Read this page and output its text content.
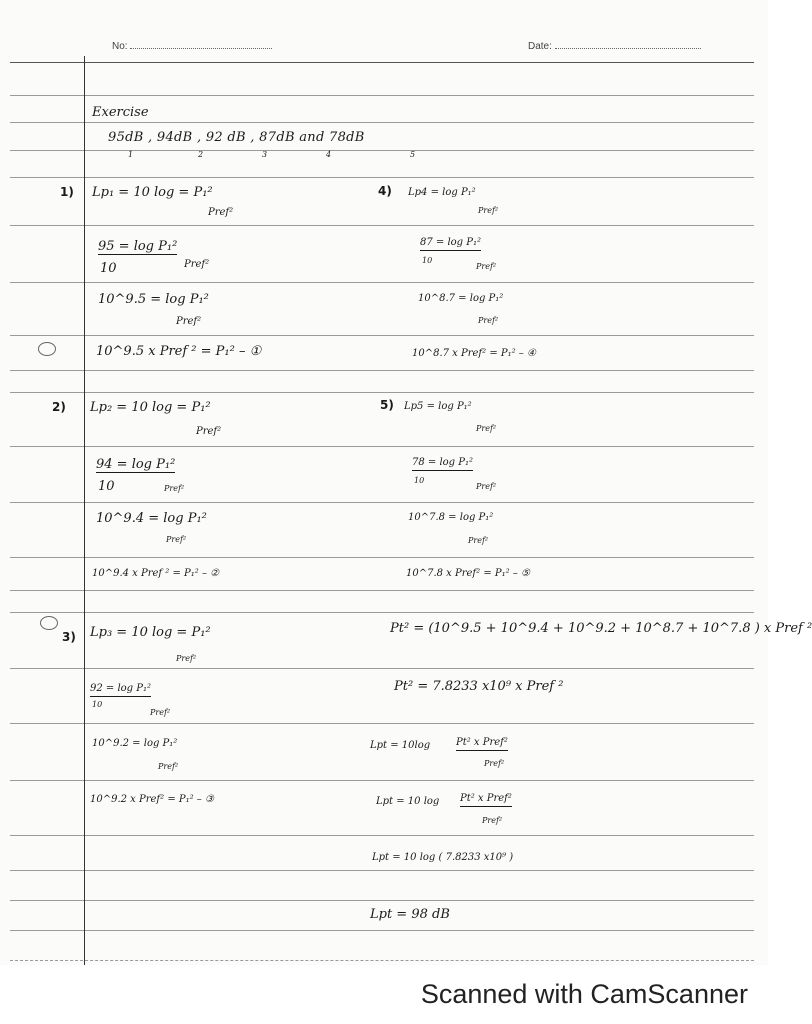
No:	Date:
Exercise
95dB , 94dB , 92 dB , 87dB and 78dB
1	2	3	4	5
1) Lp₁ = 10 log = P₁²
Pref²
95 = log P₁²
10	Pref²
10^9.5 = log P₁²
Pref²
10^9.5 x Pref ² = P₁² – ①
4) Lp4 = log P₁²
Pref²
87 = log P₁²
10
Pref²
10^8.7 = log P₁²
Pref²
10^8.7 x Pref² = P₁² – ④
2) Lp₂ = 10 log = P₁²
Pref²
94 = log P₁²
10	Pref²
10^9.4 = log P₁²
Pref²
10^9.4 x Pref ² = P₁² – ②
5) Lp5 = log P₁²
Pref²
78 = log P₁²
10
Pref²
10^7.8 = log P₁²
Pref²
10^7.8 x Pref² = P₁² – ⑤
3) Lp₃ = 10 log = P₁²
Pref²
92 = log P₁²
10
Pref²
10^9.2 = log P₁²
Pref²
10^9.2 x Pref² = P₁² – ③
Pt² = (10^9.5 + 10^9.4 + 10^9.2 + 10^8.7 + 10^7.8 ) x Pref ²
Pt² = 7.8233 x10⁹ x Pref ²
Lpt = 10log	Pt² x Pref²
Pref²
Lpt = 10 log Pt² x Pref²
Pref²
Lpt = 10 log ( 7.8233 x10⁹ )
Lpt = 98 dB
Scanned with CamScanner
